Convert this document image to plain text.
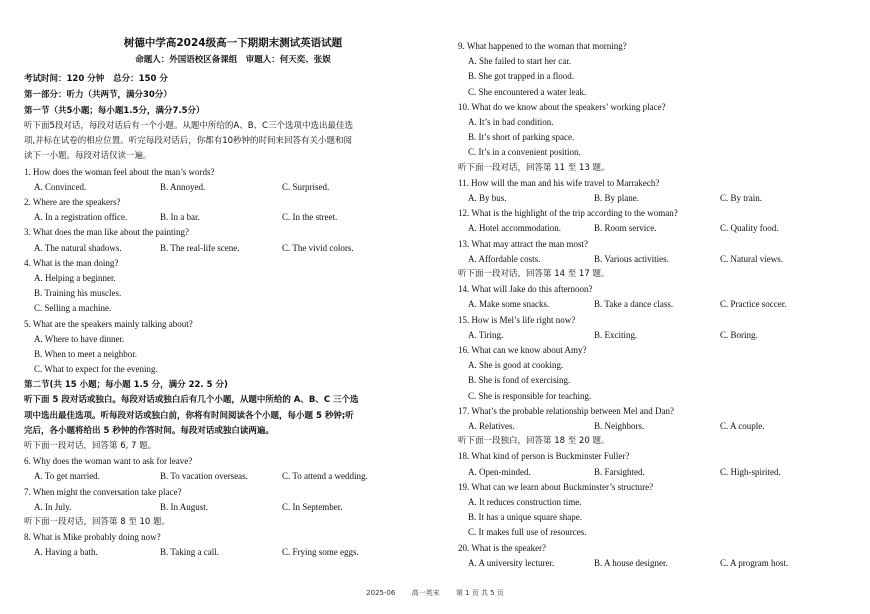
树德中学高2024级高一下期期末测试英语试题
命题人：外国语校区备课组　审题人：何天奕、张娱
考试时间：120 分钟 总分：150 分
第一部分：听力（共两节，满分30分）
第一节（共5小题；每小题1.5分，满分7.5分）
听下面5段对话，每段对话后有一个小题。从题中所给的A、B、C三个选项中选出最佳选
项,并标在试卷的相应位置。听完每段对话后，你都有10秒钟的时间来回答有关小题和阅
读下一小题。每段对话仅读一遍。
1. How does the woman feel about the man’s words?
A. Convinced.	B. Annoyed.	C. Surprised.
2. Where are the speakers?
A. In a registration office.	B. In a bar.	C. In the street.
3. What does the man like about the painting?
A. The natural shadows.	B. The real-life scene.	C. The vivid colors.
4. What is the man doing?
A. Helping a beginner.
B. Training his muscles.
C. Selling a machine.
5. What are the speakers mainly talking about?
A. Where to have dinner.
B. When to meet a neighbor.
C. What to expect for the evening.
第二节(共 15 小题；每小题 1.5 分，满分 22. 5 分)
听下面 5 段对话或独白。每段对话或独白后有几个小题，从题中所给的 A、B、C 三个选
项中选出最佳选项。听每段对话或独白前，你将有时间阅读各个小题，每小题 5 秒钟;听
完后，各小题将给出 5 秒钟的作答时间。每段对话或独白读两遍。
听下面一段对话，回答第 6, 7 题。
6. Why does the woman want to ask for leave?
A. To get married.	B. To vacation overseas.	C. To attend a wedding.
7. When might the conversation take place?
A. In July.	B. In August.	C. In September.
听下面一段对话，回答第 8 至 10 题。
8. What is Mike probably doing now?
A. Having a bath.	B. Taking a call.	C. Frying some eggs.
9. What happened to the woman that morning?
A. She failed to start her car.
B. She got trapped in a flood.
C. She encountered a water leak.
10. What do we know about the speakers’ working place?
A. It’s in bad condition.
B. It’s short of parking space.
C. It’s in a convenient position.
听下面一段对话，回答第 11 至 13 题。
11. How will the man and his wife travel to Marrakech?
A. By bus.	B. By plane.	C. By train.
12. What is the highlight of the trip according to the woman?
A. Hotel accommodation.	B. Room service.	C. Quality food.
13. What may attract the man most?
A. Affordable costs.	B. Various activities.	C. Natural views.
听下面一段对话，回答第 14 至 17 题。
14. What will Jake do this afternoon?
A. Make some snacks.	B. Take a dance class.	C. Practice soccer.
15. How is Mel’s life right now?
A. Tiring.	B. Exciting.	C. Boring.
16. What can we know about Amy?
A. She is good at cooking.
B. She is fond of exercising.
C. She is responsible for teaching.
17. What’s the probable relationship between Mel and Dan?
A. Relatives.	B. Neighbors.	C. A couple.
听下面一段独白，回答第 18 至 20 题。
18. What kind of person is Buckminster Fuller?
A. Open-minded.	B. Farsighted.	C. High-spirited.
19. What can we learn about Buckminster’s structure?
A. It reduces construction time.
B. It has a unique square shape.
C. It makes full use of resources.
20. What is the speaker?
A. A university lecturer.	B. A house designer.	C. A program host.
2025-06 高一英末 第 1 页 共 5 页
